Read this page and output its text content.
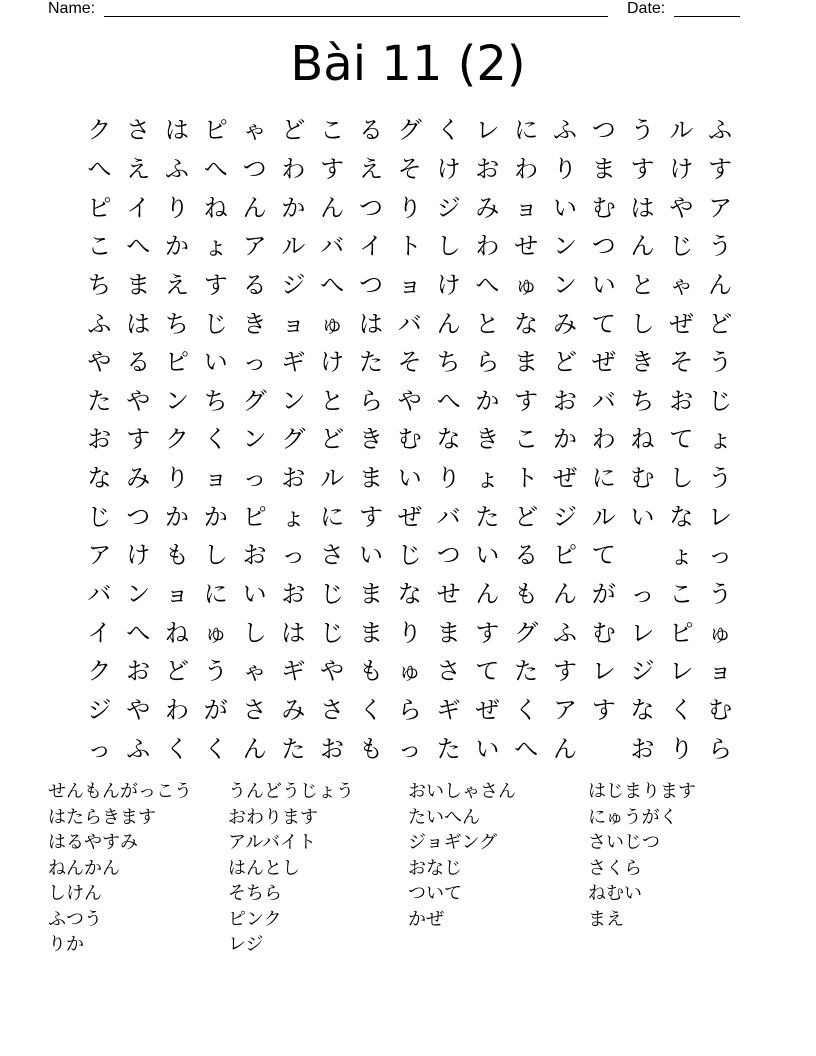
Name:	Date:
Bài 11 (2)
ク さ は ピ ゃ ど こ る グ く レ に ふ つ う ル ふ
へ え ふ へ つ わ す え そ け お わ り ま す け す
ピ イ り ね ん か ん つ り ジ み ョ い む は や ア
こ へ か ょ ア ル バ イ ト し わ せ ン つ ん じ う
ち ま え す る ジ へ つ ョ け へ ゅ ン い と ゃ ん
ふ は ち じ き ョ ゅ は バ ん と な み て し ぜ ど
や る ピ い っ ギ け た そ ち ら ま ど ぜ き そ う
た や ン ち グ ン と ら や へ か す お バ ち お じ
お す ク く ン グ ど き む な き こ か わ ね て ょ
な み り ョ っ お ル ま い り ょ ト ぜ に む し う
じ つ か か ピ ょ に す ぜ バ た ど ジ ル い な レ
ア け も し お っ さ い じ つ い る ピ て	ょ っ
バ ン ョ に い お じ ま な せ ん も ん が っ こ う
イ へ ね ゅ し は じ ま り ま す グ ふ む レ ピ ゅ
ク お ど う ゃ ギ や も ゅ さ て た す レ ジ レ ョ
ジ や わ が さ み さ く ら ギ ぜ く ア す な く む
っ ふ く く ん た お も っ た い へ ん	お り ら
せんもんがっこう
はたらきます
はるやすみ
ねんかん
しけん
ふつう
りか
うんどうじょう
おわります
アルバイト
はんとし
そちら
ピンク
レジ
おいしゃさん
たいへん
ジョギング
おなじ
ついて
かぜ
はじまります
にゅうがく
さいじつ
さくら
ねむい
まえ
